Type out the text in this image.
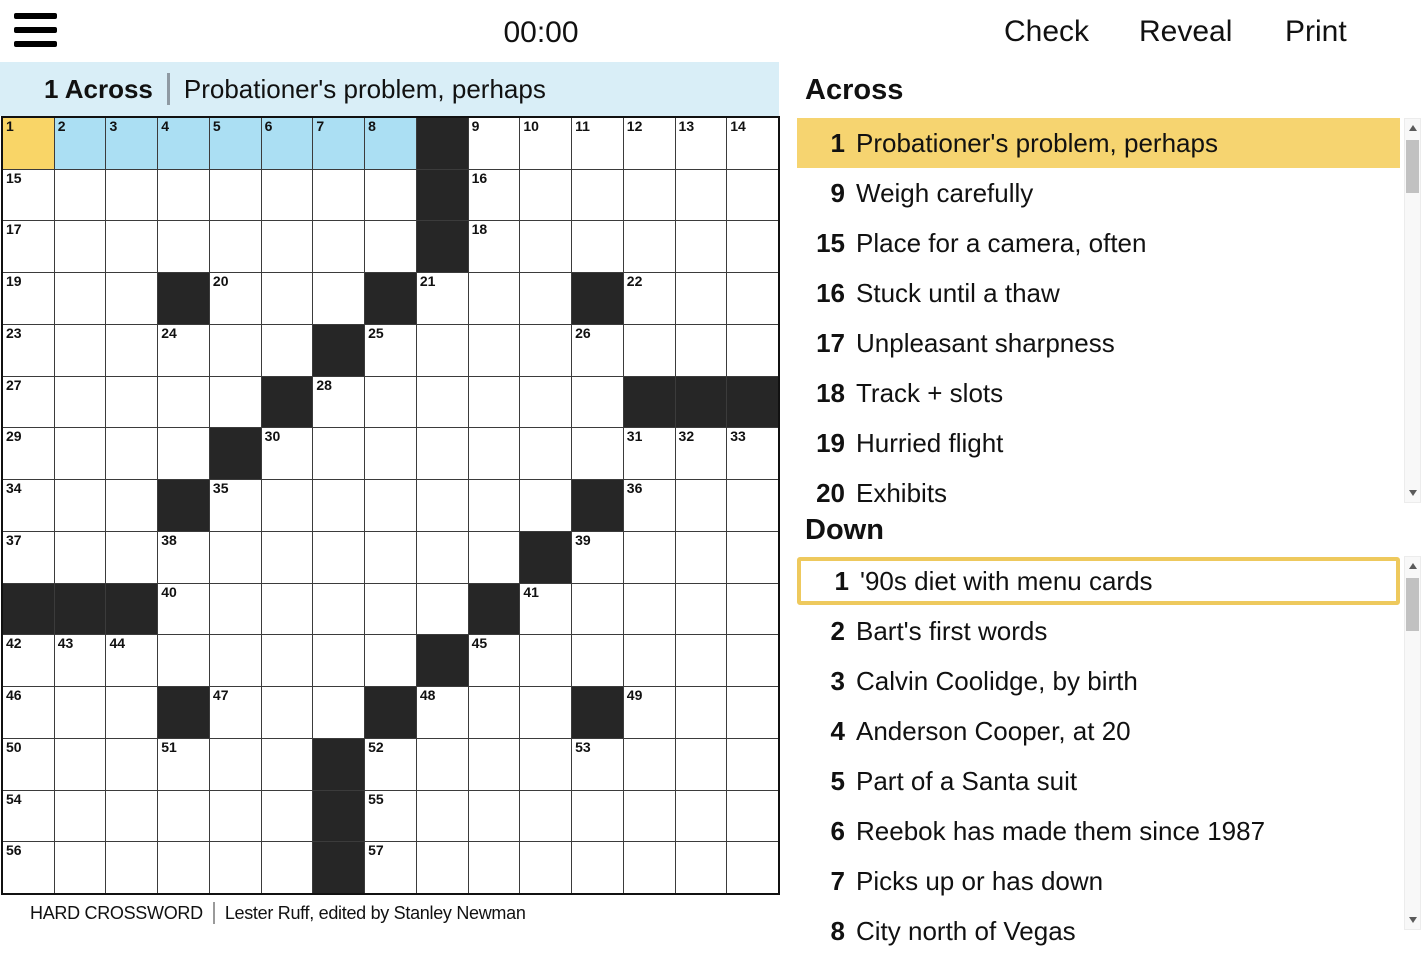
00:00	Check Reveal Print
1 Across Probationer's problem, perhaps
1	2	3	4	5	6	7	8	9	10	11	12	13	14
15	16
17	18
19	20	21	22
23	24	25	26
27	28
29	30	31	32	33
34	35	36
37	38	39
40	41
42	43	44	45
46	47	48	49
50	51	52	53
54	55
56	57
HARD CROSSWORD Lester Ruff, edited by Stanley Newman
Across
1 Probationer's problem, perhaps
9 Weigh carefully
15 Place for a camera, often
16 Stuck until a thaw
17 Unpleasant sharpness
18 Track + slots
19 Hurried flight
20 Exhibits
Down
1 '90s diet with menu cards
2 Bart's first words
3 Calvin Coolidge, by birth
4 Anderson Cooper, at 20
5 Part of a Santa suit
6 Reebok has made them since 1987
7 Picks up or has down
8 City north of Vegas
